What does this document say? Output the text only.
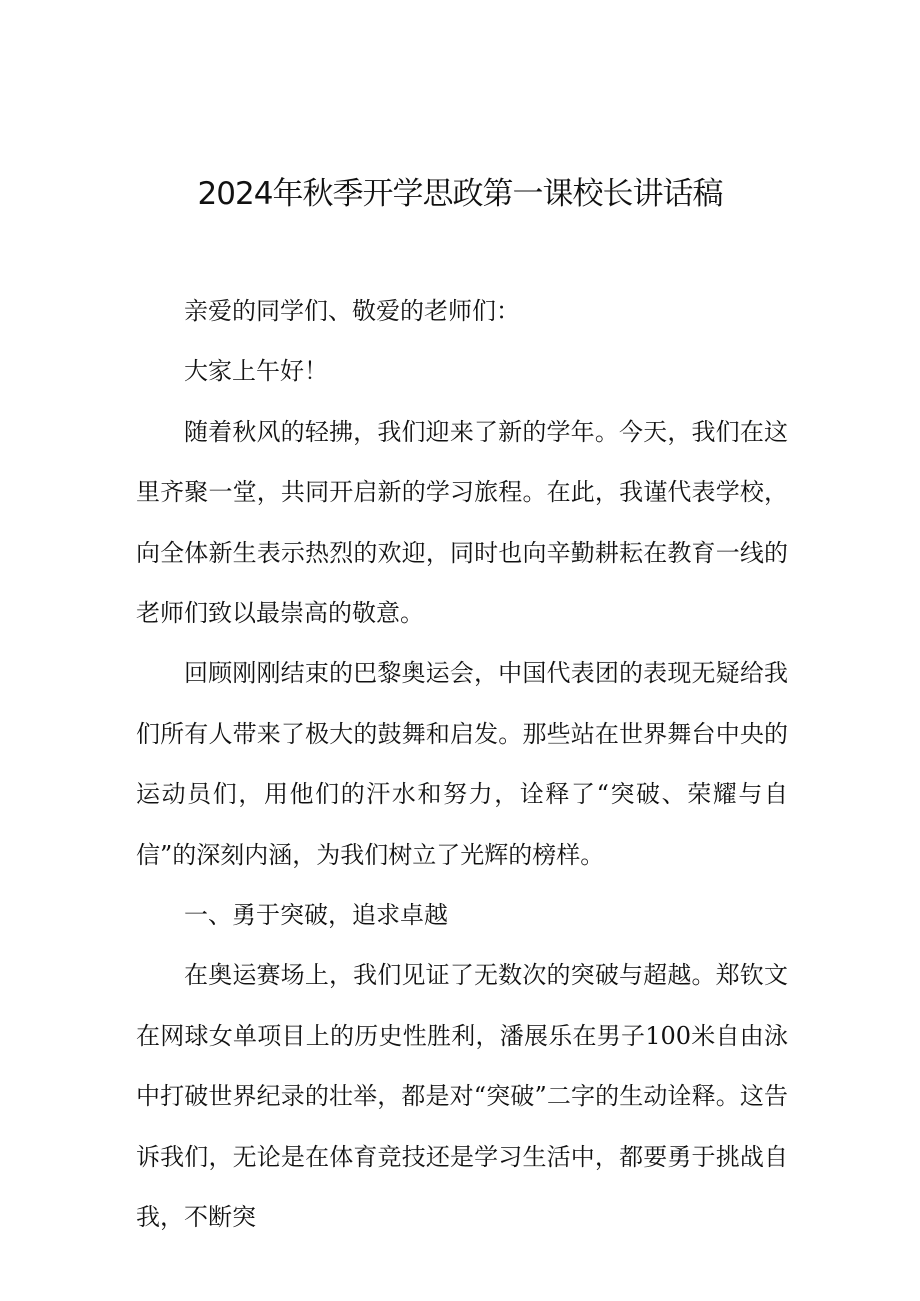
2024年秋季开学思政第一课校长讲话稿

亲爱的同学们、敬爱的老师们：

大家上午好！

随着秋风的轻拂，我们迎来了新的学年。今天，我们在这里齐聚一堂，共同开启新的学习旅程。在此，我谨代表学校，向全体新生表示热烈的欢迎，同时也向辛勤耕耘在教育一线的老师们致以最崇高的敬意。

回顾刚刚结束的巴黎奥运会，中国代表团的表现无疑给我们所有人带来了极大的鼓舞和启发。那些站在世界舞台中央的运动员们，用他们的汗水和努力，诠释了“突破、荣耀与自信”的深刻内涵，为我们树立了光辉的榜样。

一、勇于突破，追求卓越

在奥运赛场上，我们见证了无数次的突破与超越。郑钦文在网球女单项目上的历史性胜利，潘展乐在男子100米自由泳中打破世界纪录的壮举，都是对“突破”二字的生动诠释。这告诉我们，无论是在体育竞技还是学习生活中，都要勇于挑战自我，不断突
